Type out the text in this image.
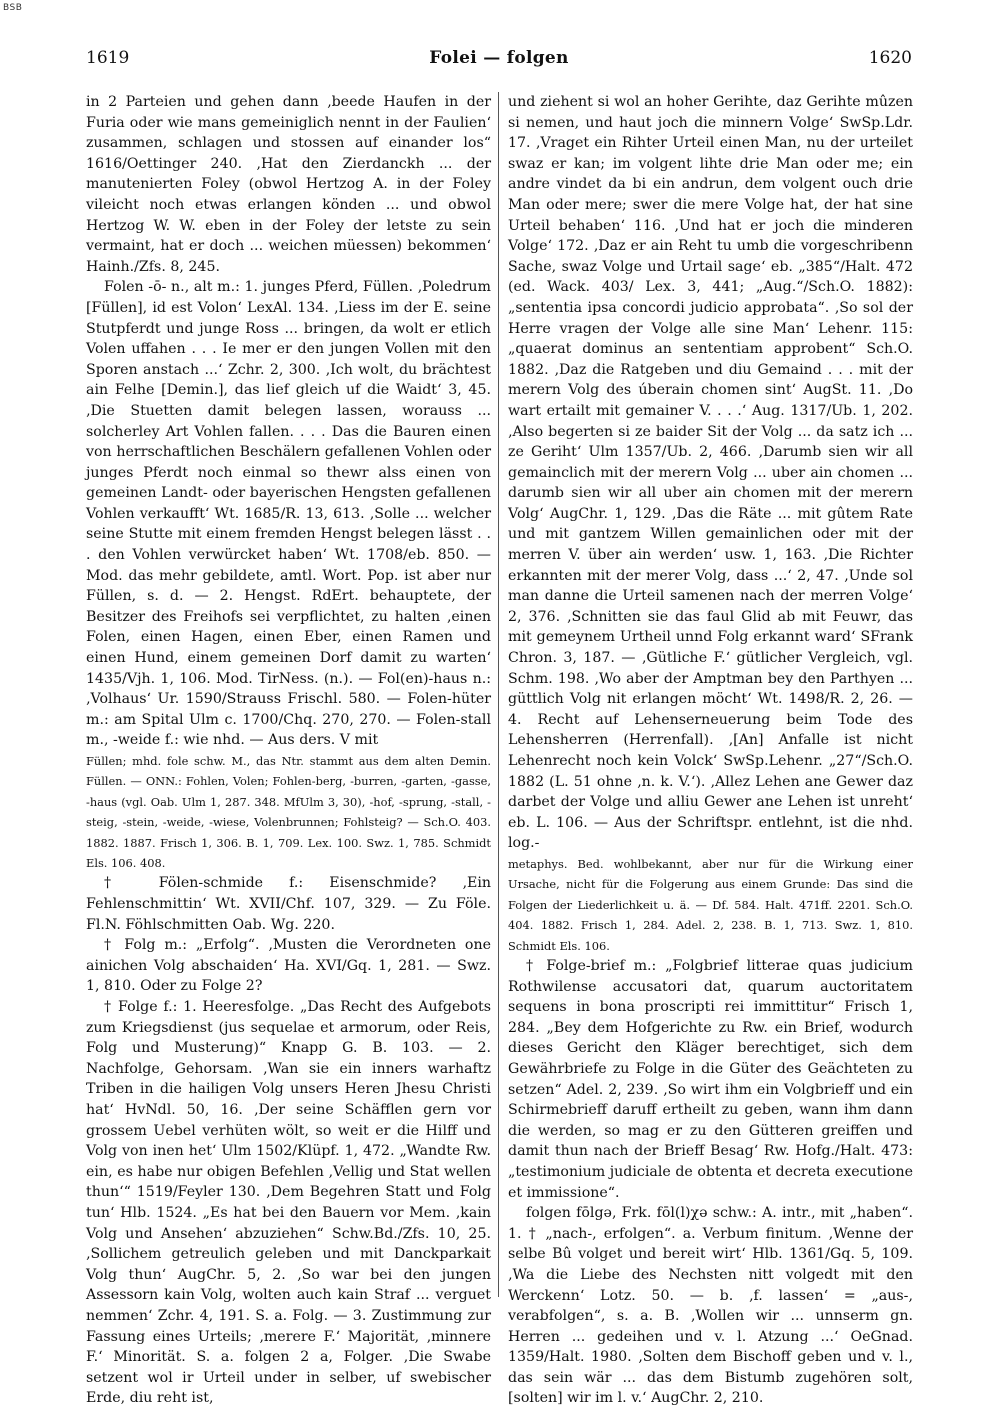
BSB
1619	Folei — folgen	1620

in 2 Parteien und gehen dann ‚beede Haufen in der Furia oder wie mans gemeiniglich nennt in der Faulien‘ zusammen, schlagen und stossen auf einander los“ 1616/Oettinger 240. ‚Hat den Zierdanckh ... der manutenierten Foley (obwol Hertzog A. in der Foley vileicht noch etwas erlangen könden ... und obwol Hertzog W. W. eben in der Foley der letste zu sein vermaint, hat er doch ... weichen müessen) bekommen‘ Hainh./Zfs. 8, 245.

Folen -ō- n., alt m.: 1. junges Pferd, Füllen. ‚Poledrum [Füllen], id est Volon‘ LexAl. 134. ‚Liess im der E. seine Stutpferdt und junge Ross ... bringen, da wolt er etlich Volen uffahen . . . Ie mer er den jungen Vollen mit den Sporen anstach ...‘ Zchr. 2, 300. ‚Ich wolt, du brächtest ain Felhe [Demin.], das lief gleich uf die Waidt‘ 3, 45. ‚Die Stuetten damit belegen lassen, worauss ... solcherley Art Vohlen fallen. . . . Das die Bauren einen von herrschaftlichen Beschälern gefallenen Vohlen oder junges Pferdt noch einmal so thewr alss einen von gemeinen Landt- oder bayerischen Hengsten gefallenen Vohlen verkaufft‘ Wt. 1685/R. 13, 613. ‚Solle ... welcher seine Stutte mit einem fremden Hengst belegen lässt . . . den Vohlen verwürcket haben‘ Wt. 1708/eb. 850. — Mod. das mehr gebildete, amtl. Wort. Pop. ist aber nur Füllen, s. d. — 2. Hengst. RdErt. behauptete, der Besitzer des Freihofs sei verpflichtet, zu halten ‚einen Folen, einen Hagen, einen Eber, einen Ramen und einen Hund, einem gemeinen Dorf damit zu warten‘ 1435/Vjh. 1, 106. Mod. TirNess. (n.). — Fol(en)-haus n.: ‚Volhaus‘ Ur. 1590/Strauss Frischl. 580. — Folen-hüter m.: am Spital Ulm c. 1700/Chq. 270, 270. — Folen-stall m., -weide f.: wie nhd. — Aus ders. V mit

Füllen; mhd. fole schw. M., das Ntr. stammt aus dem alten Demin. Füllen. — ONN.: Fohlen, Volen; Fohlen-berg, -burren, -garten, -gasse, -haus (vgl. Oab. Ulm 1, 287. 348. MfUlm 3, 30), -hof, -sprung, -stall, -steig, -stein, -weide, -wiese, Volenbrunnen; Fohlsteig? — Sch.O. 403. 1882. 1887. Frisch 1, 306. B. 1, 709. Lex. 100. Swz. 1, 785. Schmidt Els. 106. 408.

† Fölen-schmide f.: Eisenschmide? ‚Ein Fehlenschmittin‘ Wt. XVII/Chf. 107, 329. — Zu Föle. Fl.N. Föhlschmitten Oab. Wg. 220.

† Folg m.: „Erfolg“. ‚Musten die Verordneten one ainichen Volg abschaiden‘ Ha. XVI/Gq. 1, 281. — Swz. 1, 810. Oder zu Folge 2?

† Folge f.: 1. Heeresfolge. „Das Recht des Aufgebots zum Kriegsdienst (jus sequelae et armorum, oder Reis, Folg und Musterung)“ Knapp G. B. 103. — 2. Nachfolge, Gehorsam. ‚Wan sie ein inners warhaftz Triben in die hailigen Volg unsers Heren Jhesu Christi hat‘ HvNdl. 50, 16. ‚Der seine Schäfflen gern vor grossem Uebel verhüten wölt, so weit er die Hilff und Volg von inen het‘ Ulm 1502/Klüpf. 1, 472. „Wandte Rw. ein, es habe nur obigen Befehlen ‚Vellig und Stat wellen thun‘“ 1519/Feyler 130. ‚Dem Begehren Statt und Folg tun‘ Hlb. 1524. „Es hat bei den Bauern vor Mem. ‚kain Volg und Ansehen‘ abzuziehen“ Schw.Bd./Zfs. 10, 25. ‚Sollichem getreulich geleben und mit Danckparkait Volg thun‘ AugChr. 5, 2. ‚So war bei den jungen Assessorn kain Volg, wolten auch kain Straf ... verguet nemmen‘ Zchr. 4, 191. S. a. Folg. — 3. Zustimmung zur Fassung eines Urteils; ‚merere F.‘ Majorität, ‚minnere F.‘ Minorität. S. a. folgen 2 a, Folger. ‚Die Swabe setzent wol ir Urteil under in selber, uf swebischer Erde, diu reht ist,

und ziehent si wol an hoher Gerihte, daz Gerihte mûzen si nemen, und haut joch die minnern Volge‘ SwSp.Ldr. 17. ‚Vraget ein Rihter Urteil einen Man, nu der urteilet swaz er kan; im volgent lihte drie Man oder me; ein andre vindet da bi ein andrun, dem volgent ouch drie Man oder mere; swer die mere Volge hat, der hat sine Urteil behaben‘ 116. ‚Und hat er joch die minderen Volge‘ 172. ‚Daz er ain Reht tu umb die vorgeschribenn Sache, swaz Volge und Urtail sage‘ eb. „385“/Halt. 472 (ed. Wack. 403/ Lex. 3, 441; „Aug.“/Sch.O. 1882): „sententia ipsa concordi judicio approbata“. ‚So sol der Herre vragen der Volge alle sine Man‘ Lehenr. 115: „quaerat dominus an sententiam approbent“ Sch.O. 1882. ‚Daz die Ratgeben und diu Gemaind . . . mit der merern Volg des úberain chomen sint‘ AugSt. 11. ‚Do wart ertailt mit gemainer V. . . .‘ Aug. 1317/Ub. 1, 202. ‚Also begerten si ze baider Sit der Volg ... da satz ich ... ze Geriht‘ Ulm 1357/Ub. 2, 466. ‚Darumb sien wir all gemainclich mit der merern Volg ... uber ain chomen ... darumb sien wir all uber ain chomen mit der merern Volg‘ AugChr. 1, 129. ‚Das die Räte ... mit gûtem Rate und mit gantzem Willen gemainlichen oder mit der merren V. über ain werden‘ usw. 1, 163. ‚Die Richter erkannten mit der merer Volg, dass ...‘ 2, 47. ‚Unde sol man danne die Urteil samenen nach der merren Volge‘ 2, 376. ‚Schnitten sie das faul Glid ab mit Feuwr, das mit gemeynem Urtheil unnd Folg erkannt ward‘ SFrank Chron. 3, 187. — ‚Gütliche F.‘ gütlicher Vergleich, vgl. Schm. 198. ‚Wo aber der Amptman bey den Parthyen ... güttlich Volg nit erlangen möcht‘ Wt. 1498/R. 2, 26. — 4. Recht auf Lehenserneuerung beim Tode des Lehensherren (Herrenfall). ‚[An] Anfalle ist nicht Lehenrecht noch kein Volck‘ SwSp.Lehenr. „27“/Sch.O. 1882 (L. 51 ohne ‚n. k. V.‘). ‚Allez Lehen ane Gewer daz darbet der Volge und alliu Gewer ane Lehen ist unreht‘ eb. L. 106. — Aus der Schriftspr. entlehnt, ist die nhd. log.-

metaphys. Bed. wohlbekannt, aber nur für die Wirkung einer Ursache, nicht für die Folgerung aus einem Grunde: Das sind die Folgen der Liederlichkeit u. ä. — Df. 584. Halt. 471ff. 2201. Sch.O. 404. 1882. Frisch 1, 284. Adel. 2, 238. B. 1, 713. Swz. 1, 810. Schmidt Els. 106.

† Folge-brief m.: „Folgbrief litterae quas judicium Rothwilense accusatori dat, quarum auctoritatem sequens in bona proscripti rei immittitur“ Frisch 1, 284. „Bey dem Hofgerichte zu Rw. ein Brief, wodurch dieses Gericht den Kläger berechtiget, sich dem Gewährbriefe zu Folge in die Güter des Geächteten zu setzen“ Adel. 2, 239. ‚So wirt ihm ein Volgbrieff und ein Schirmebrieff daruff ertheilt zu geben, wann ihm dann die werden, so mag er zu den Gütteren greiffen und damit thun nach der Brieff Besag‘ Rw. Hofg./Halt. 473: „testimonium judiciale de obtenta et decreta executione et immissione“.

folgen fōlgə, Frk. fōl(l)χə schw.: A. intr., mit „haben“. 1. † „nach-, erfolgen“. a. Verbum finitum. ‚Wenne der selbe Bû volget und bereit wirt‘ Hlb. 1361/Gq. 5, 109. ‚Wa die Liebe des Nechsten nitt volgedt mit den Werckenn‘ Lotz. 50. — b. ‚f. lassen‘ = „aus-, verabfolgen“, s. a. B. ‚Wollen wir ... unnserm gn. Herren ... gedeihen und v. l. Atzung ...‘ OeGnad. 1359/Halt. 1980. ‚Solten dem Bischoff geben und v. l., das sein wär ... das dem Bistumb zugehören solt, [solten] wir im l. v.‘ AugChr. 2, 210.
